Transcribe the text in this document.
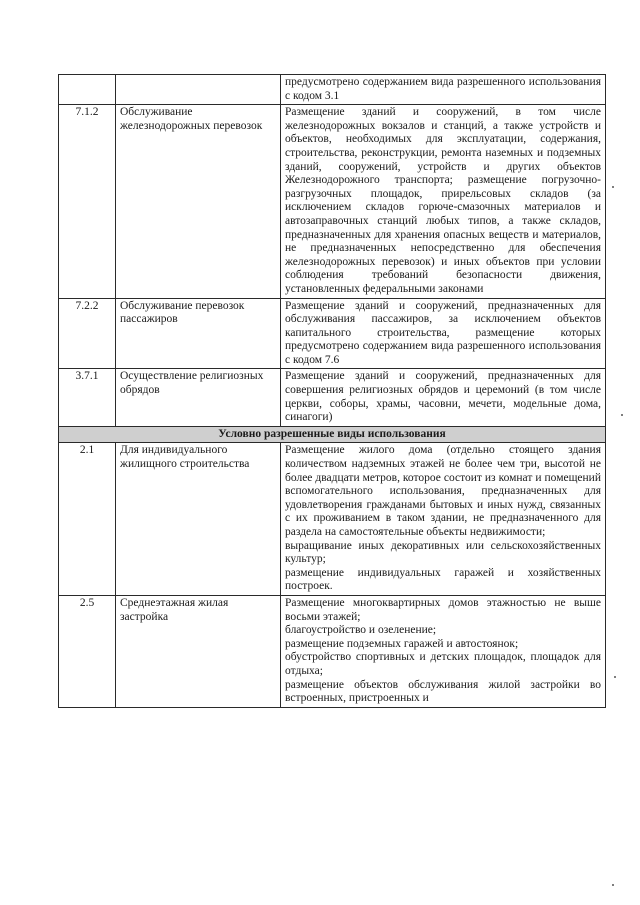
		предусмотрено содержанием вида разрешенного использования с кодом 3.1

7.1.2	Обслуживание железнодорожных перевозок	Размещение зданий и сооружений, в том числе железнодорожных вокзалов и станций, а также устройств и объектов, необходимых для эксплуатации, содержания, строительства, реконструкции, ремонта наземных и подземных зданий, сооружений, устройств и других объектов Железнодорожного транспорта; размещение погрузочно-разгрузочных площадок, прирельсовых складов (за исключением складов горюче-смазочных материалов и автозаправочных станций любых типов, а также складов, предназначенных для хранения опасных веществ и материалов, не предназначенных непосредственно для обеспечения железнодорожных перевозок) и иных объектов при условии соблюдения требований безопасности движения, установленных федеральными законами

7.2.2	Обслуживание перевозок пассажиров	Размещение зданий и сооружений, предназначенных для обслуживания пассажиров, за исключением объектов капитального строительства, размещение которых предусмотрено содержанием вида разрешенного использования с кодом 7.6

3.7.1	Осуществление религиозных обрядов	Размещение зданий и сооружений, предназначенных для совершения религиозных обрядов и церемоний (в том числе церкви, соборы, храмы, часовни, мечети, модельные дома, синагоги)

Условно разрешенные виды использования		
2.1	Для индивидуального жилищного строительства	Размещение жилого дома (отдельно стоящего здания количеством надземных этажей не более чем три, высотой не более двадцати метров, которое состоит из комнат и помещений вспомогательного использования, предназначенных для удовлетворения гражданами бытовых и иных нужд, связанных с их проживанием в таком здании, не предназначенного для раздела на самостоятельные объекты недвижимости;
выращивание иных декоративных или сельскохозяйственных культур;
размещение индивидуальных гаражей и хозяйственных построек.

2.5	Среднеэтажная жилая застройка	Размещение многоквартирных домов этажностью не выше восьми этажей;
благоустройство и озеленение;
размещение подземных гаражей и автостоянок;
обустройство спортивных и детских площадок, площадок для отдыха;
размещение объектов обслуживания жилой застройки во встроенных, пристроенных и
